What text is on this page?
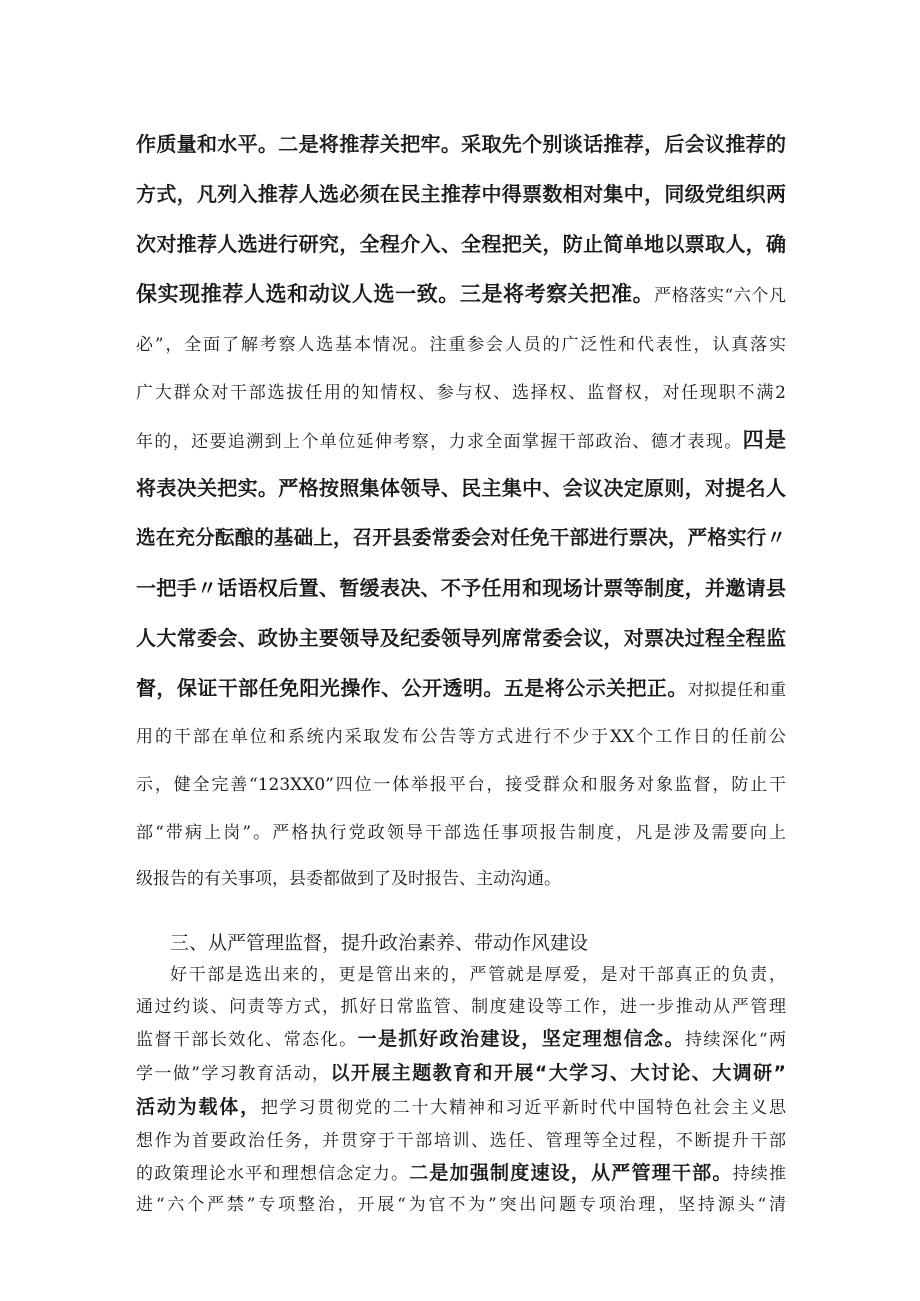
作质量和水平。二是将推荐关把牢。采取先个别谈话推荐，后会议推荐的
方式，凡列入推荐人选必须在民主推荐中得票数相对集中，同级党组织两
次对推荐人选进行研究，全程介入、全程把关，防止简单地以票取人，确
保实现推荐人选和动议人选一致。三是将考察关把准。严格落实“六个凡
必”，全面了解考察人选基本情况。注重参会人员的广泛性和代表性，认真落实
广大群众对干部选拔任用的知情权、参与权、选择权、监督权，对任现职不满2
年的，还要追溯到上个单位延伸考察，力求全面掌握干部政治、德才表现。四是
将表决关把实。严格按照集体领导、民主集中、会议决定原则，对提名人
选在充分酝酿的基础上，召开县委常委会对任免干部进行票决，严格实行〃
一把手〃话语权后置、暂缓表决、不予任用和现场计票等制度，并邀请县
人大常委会、政协主要领导及纪委领导列席常委会议，对票决过程全程监
督，保证干部任免阳光操作、公开透明。五是将公示关把正。对拟提任和重
用的干部在单位和系统内采取发布公告等方式进行不少于XX个工作日的任前公
示，健全完善“123XX0”四位一体举报平台，接受群众和服务对象监督，防止干
部“带病上岗”。严格执行党政领导干部选任事项报告制度，凡是涉及需要向上
级报告的有关事项，县委都做到了及时报告、主动沟通。
三、从严管理监督，提升政治素养、带动作风建设
好干部是选出来的，更是管出来的，严管就是厚爱，是对干部真正的负责，
通过约谈、问责等方式，抓好日常监管、制度建设等工作，进一步推动从严管理
监督干部长效化、常态化。一是抓好政治建设，坚定理想信念。持续深化“两
学一做”学习教育活动，以开展主题教育和开展“大学习、大讨论、大调研”
活动为载体，把学习贯彻党的二十大精神和习近平新时代中国特色社会主义思
想作为首要政治任务，并贯穿于干部培训、选任、管理等全过程，不断提升干部
的政策理论水平和理想信念定力。二是加强制度速设，从严管理干部。持续推
进“六个严禁”专项整治，开展“为官不为”突出问题专项治理，坚持源头“清
